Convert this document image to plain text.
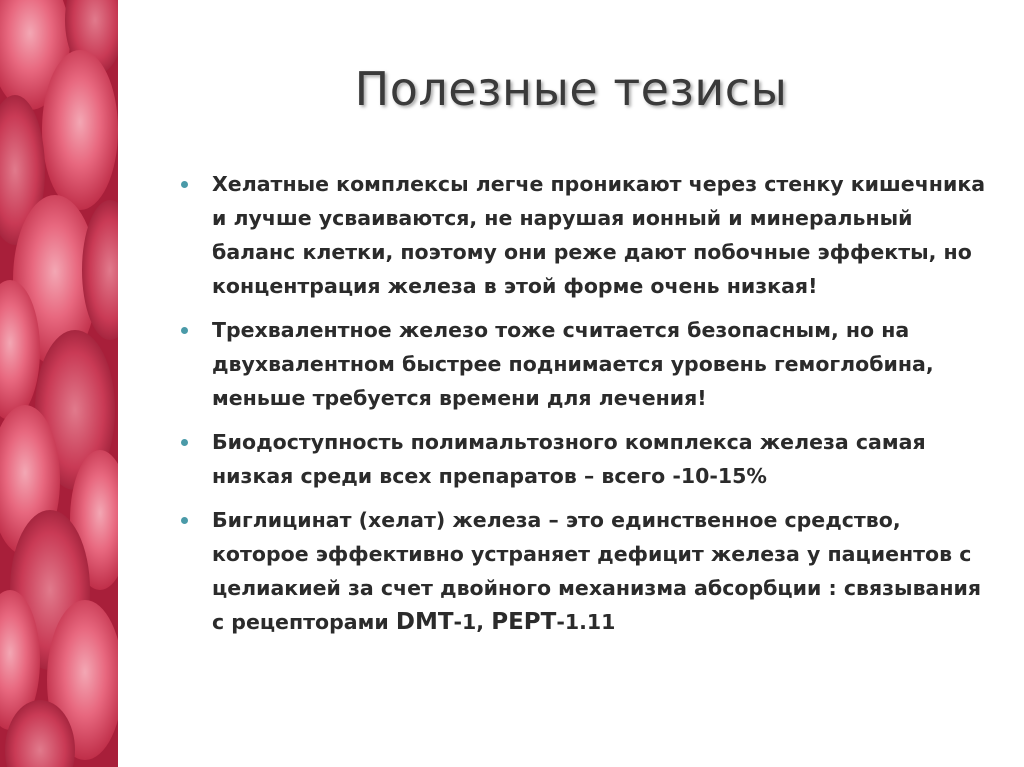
Полезные тезисы
Хелатные комплексы легче проникают через стенку кишечника и лучше усваиваются, не нарушая ионный и минеральный баланс клетки, поэтому они реже дают побочные эффекты, но концентрация железа в этой форме очень низкая!
Трехвалентное железо тоже считается безопасным, но на двухвалентном быстрее поднимается уровень гемоглобина, меньше требуется времени для лечения!
Биодоступность полимальтозного комплекса железа самая низкая среди всех препаратов – всего -10-15%
Биглицинат (хелат) железа – это единственное средство, которое эффективно устраняет дефицит железа у пациентов с целиакией за счет двойного механизма абсорбции : связывания с рецепторами DMT-1, PEPT-1.11
